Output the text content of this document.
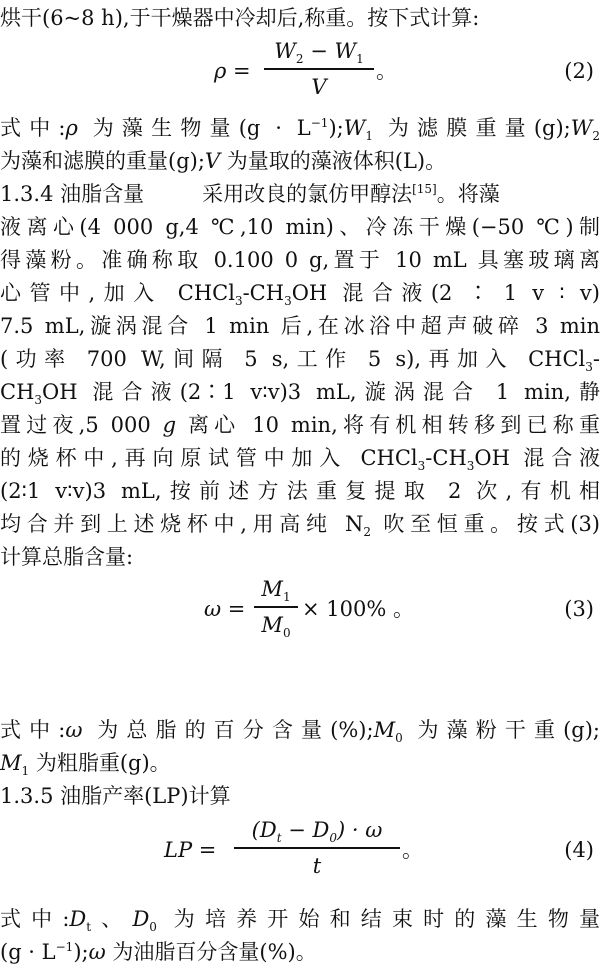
烘干(6~8 h),于干燥器中冷却后,称重。按下式计算:
ρ =
$W_2 - W_1$
V
。	(2)
式中:ρ 为藻生物量$(g \cdot L^{-1});W_1$ 为滤膜重量$(g);W_2$
为藻和滤膜的重量(g);V 为量取的藻液体积(L)。
1.3.4 油脂含量	采用改良的氯仿甲醇法[15]。将藻
液离心(4 000 g,4 ℃,10 min)、冷冻干燥(−50 ℃)制
得藻粉。准确称取 0.100 0 g,置于 10 mL 具塞玻璃离
心管中,加入 $CHCl_3-CH_3OH$ 混合液(2 ∶ 1 v ∶ v)
7.5 mL,漩涡混合 1 min 后,在冰浴中超声破碎 3 min
(功率 700 W,间隔 5 s,工作 5 s),再加入 CHCl$_3$-
$CH_3OH$ 混合液(2∶1 v∶v)3 mL,漩涡混合 1 min,静
置过夜,5 000 g 离心 10 min,将有机相转移到已称重
的烧杯中,再向原试管中加入 $CHCl_3-CH_3OH$ 混合液
(2∶1 v∶v)3 mL,按前述方法重复提取 2 次,有机相
均合并到上述烧杯中,用高纯 $N_2$ 吹至恒重。按式(3)
计算总脂含量:
ω =
$M_1$
$M_0$
× 100% 。	(3)
式中:ω 为总脂的百分含量$(\%);M_0$ 为藻粉干重(g);
$M_1$ 为粗脂重(g)。
1.3.5 油脂产率(LP)计算
LP =
$(D_t - D_0) \cdot \omega$
t
。	(4)
式中$:D_t$、$D_0$ 为培养开始和结束时的藻生物量
$(g \cdot L^{-1});\omega$ 为油脂百分含量(%)。
